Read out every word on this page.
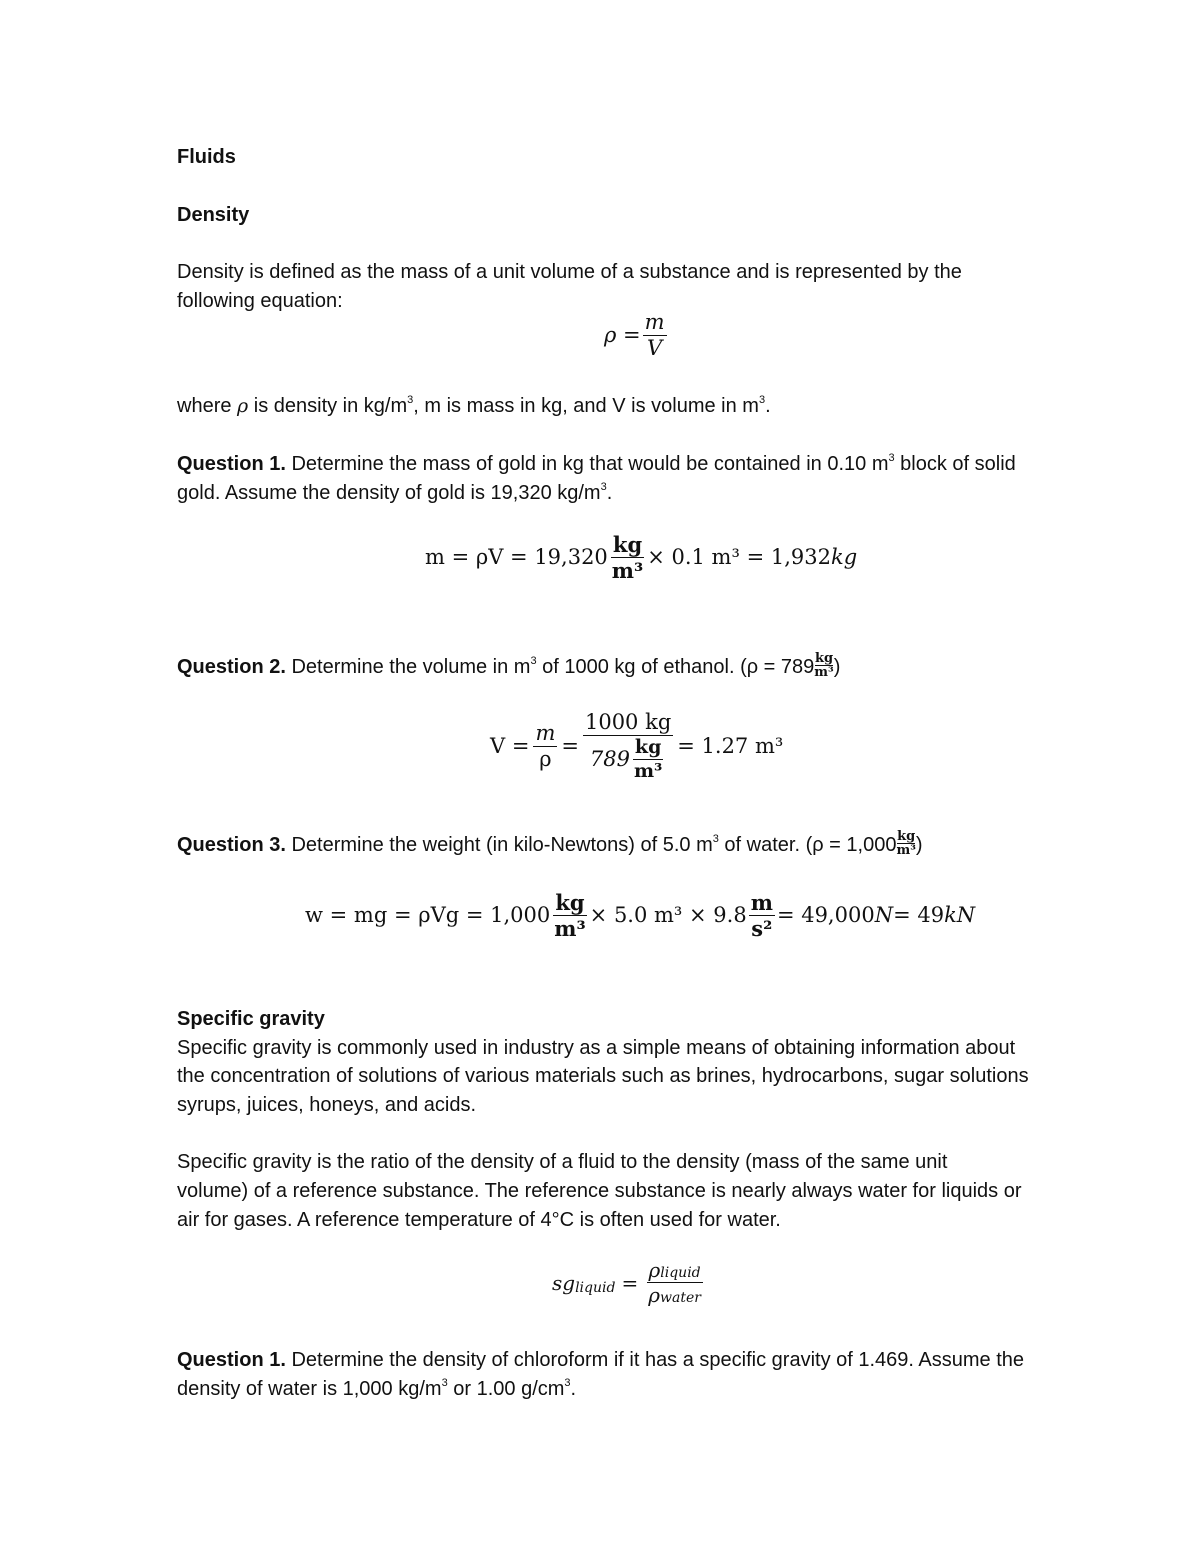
Fluids
Density
Density is defined as the mass of a unit volume of a substance and is represented by the
following equation:
$\rho = \frac{m}{V}$
where ρ is density in $kg/m^3$, m is mass in kg, and V is volume in $m^3$.
Question 1. Determine the mass of gold in kg that would be contained in 0.10 $m^3$ block of solid
gold. Assume the density of gold is 19,320 $kg/m^3$.
$m = \rho V = 19,320 \frac{kg}{\text{m³}} \times 0.1$ m³ = 1,932 kg
Question 2. Determine the volume in $m^3$ of 1000 kg of ethanol. ($\rho = 789 \frac{kg}{\text{m³}}$ )
$V = \frac{m}{\rho} = \frac{1000 kg}{789 \frac{kg}{\text{m³}}} = 1.27$ m³
Question 3. Determine the weight (in kilo-Newtons) of 5.0 $m^3$ of water. ($\rho = 1,000 \frac{kg}{\text{m³}}$ )
w = mg = $\rho Vg = 1,000 \frac{kg}{\text{m³}} \times 5.0$ $m^3 \times 9.8 \frac{m}{\text{s²}} = 49,000$ N = 49 kN
Specific gravity
Specific gravity is commonly used in industry as a simple means of obtaining information about
the concentration of solutions of various materials such as brines, hydrocarbons, sugar solutions
syrups, juices, honeys, and acids.
Specific gravity is the ratio of the density of a fluid to the density (mass of the same unit
volume) of a reference substance. The reference substance is nearly always water for liquids or
air for gases. A reference temperature of 4°C is often used for water.
sg liquid = $\frac{\text{ρliquid}}{\text{ρwater}}$
Question 1. Determine the density of chloroform if it has a specific gravity of 1.469. Assume the
density of water is 1,000 $kg/m^3$ or 1.00 $g/cm^3$.
